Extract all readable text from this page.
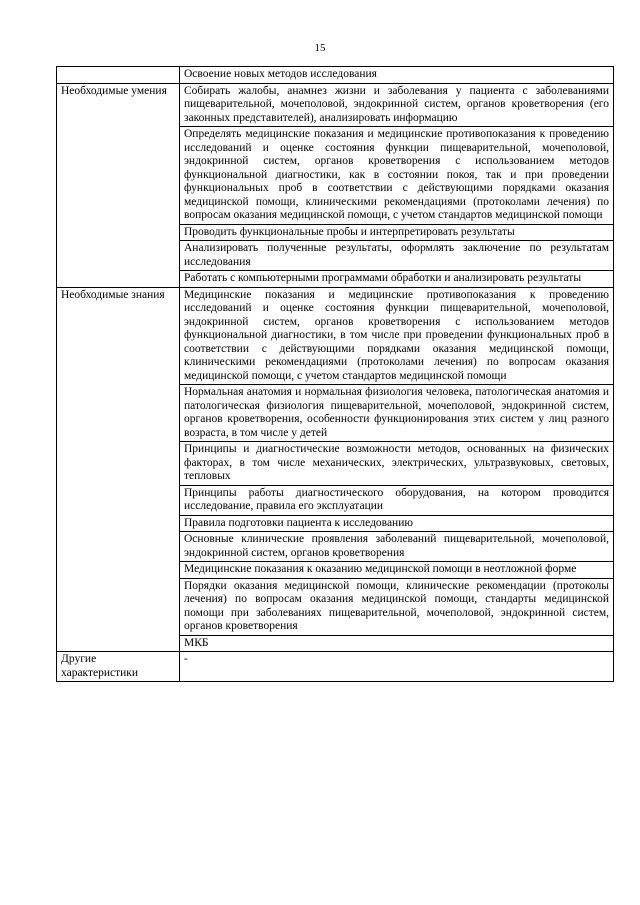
15
	Освоение новых методов исследования
Необходимые умения	Собирать жалобы, анамнез жизни и заболевания у пациента с заболеваниями пищеварительной, мочеполовой, эндокринной систем, органов кроветворения (его законных представителей), анализировать информацию
	Определять медицинские показания и медицинские противопоказания к проведению исследований и оценке состояния функции пищеварительной, мочеполовой, эндокринной систем, органов кроветворения с использованием методов функциональной диагностики, как в состоянии покоя, так и при проведении функциональных проб в соответствии с действующими порядками оказания медицинской помощи, клиническими рекомендациями (протоколами лечения) по вопросам оказания медицинской помощи, с учетом стандартов медицинской помощи
	Проводить функциональные пробы и интерпретировать результаты
	Анализировать полученные результаты, оформлять заключение по результатам исследования
	Работать с компьютерными программами обработки и анализировать результаты
Необходимые знания	Медицинские показания и медицинские противопоказания к проведению исследований и оценке состояния функции пищеварительной, мочеполовой, эндокринной систем, органов кроветворения с использованием методов функциональной диагностики, в том числе при проведении функциональных проб в соответствии с действующими порядками оказания медицинской помощи, клиническими рекомендациями (протоколами лечения) по вопросам оказания медицинской помощи, с учетом стандартов медицинской помощи
	Нормальная анатомия и нормальная физиология человека, патологическая анатомия и патологическая физиология пищеварительной, мочеполовой, эндокринной систем, органов кроветворения, особенности функционирования этих систем у лиц разного возраста, в том числе у детей
	Принципы и диагностические возможности методов, основанных на физических факторах, в том числе механических, электрических, ультразвуковых, световых, тепловых
	Принципы работы диагностического оборудования, на котором проводится исследование, правила его эксплуатации
	Правила подготовки пациента к исследованию
	Основные клинические проявления заболеваний пищеварительной, мочеполовой, эндокринной систем, органов кроветворения
	Медицинские показания к оказанию медицинской помощи в неотложной форме
	Порядки оказания медицинской помощи, клинические рекомендации (протоколы лечения) по вопросам оказания медицинской помощи, стандарты медицинской помощи при заболеваниях пищеварительной, мочеполовой, эндокринной систем, органов кроветворения
	МКБ
Другие характеристики	-
